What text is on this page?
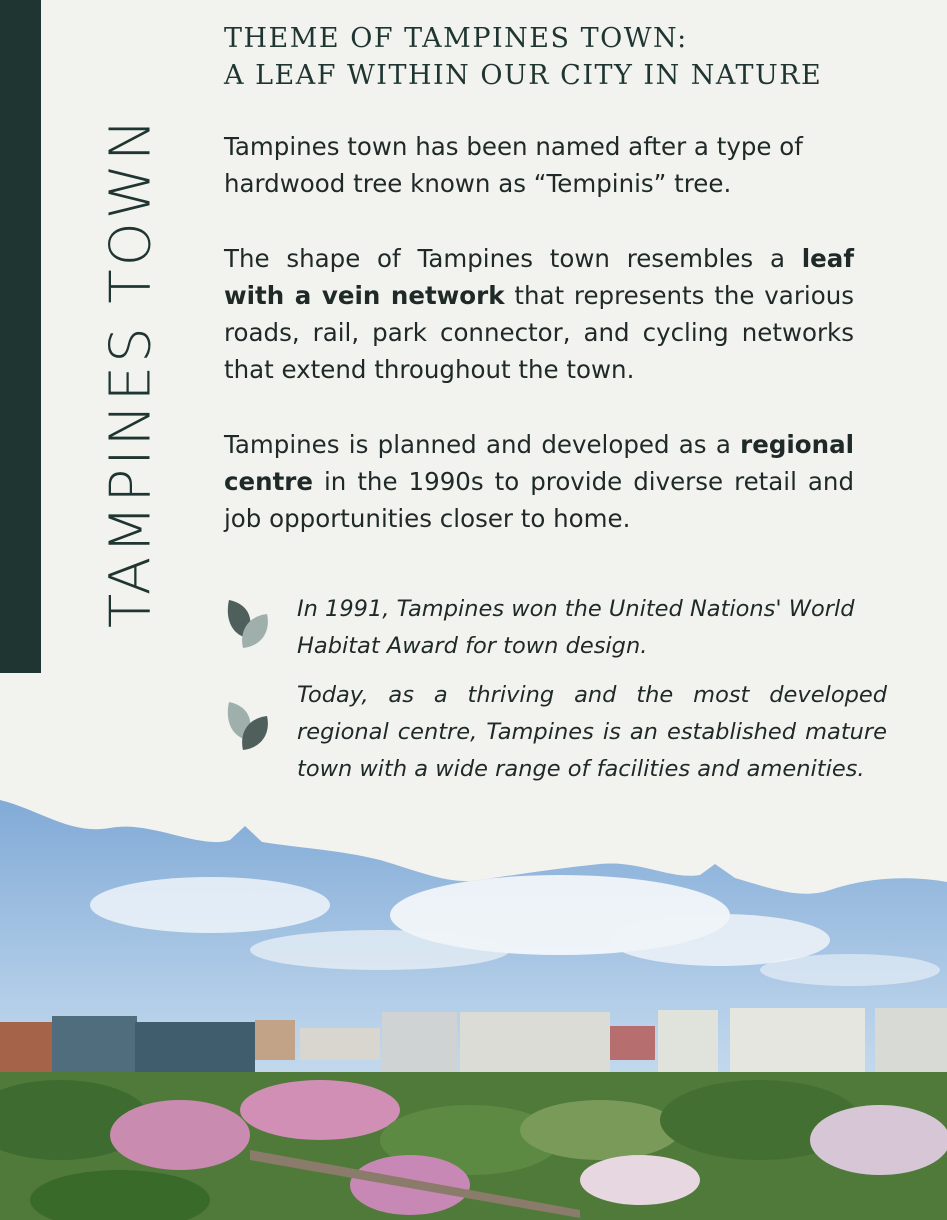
TAMPINES TOWN
THEME OF TAMPINES TOWN:
A LEAF WITHIN OUR CITY IN NATURE
Tampines town has been named after a type of hardwood tree known as “Tempinis” tree.
The shape of Tampines town resembles a leaf with a vein network that represents the various roads, rail, park connector, and cycling networks that extend throughout the town.
Tampines is planned and developed as a regional centre in the 1990s to provide diverse retail and job opportunities closer to home.
In 1991, Tampines won the United Nations' World Habitat Award for town design.
Today, as a thriving and the most developed regional centre, Tampines is an established mature town with a wide range of facilities and amenities.
